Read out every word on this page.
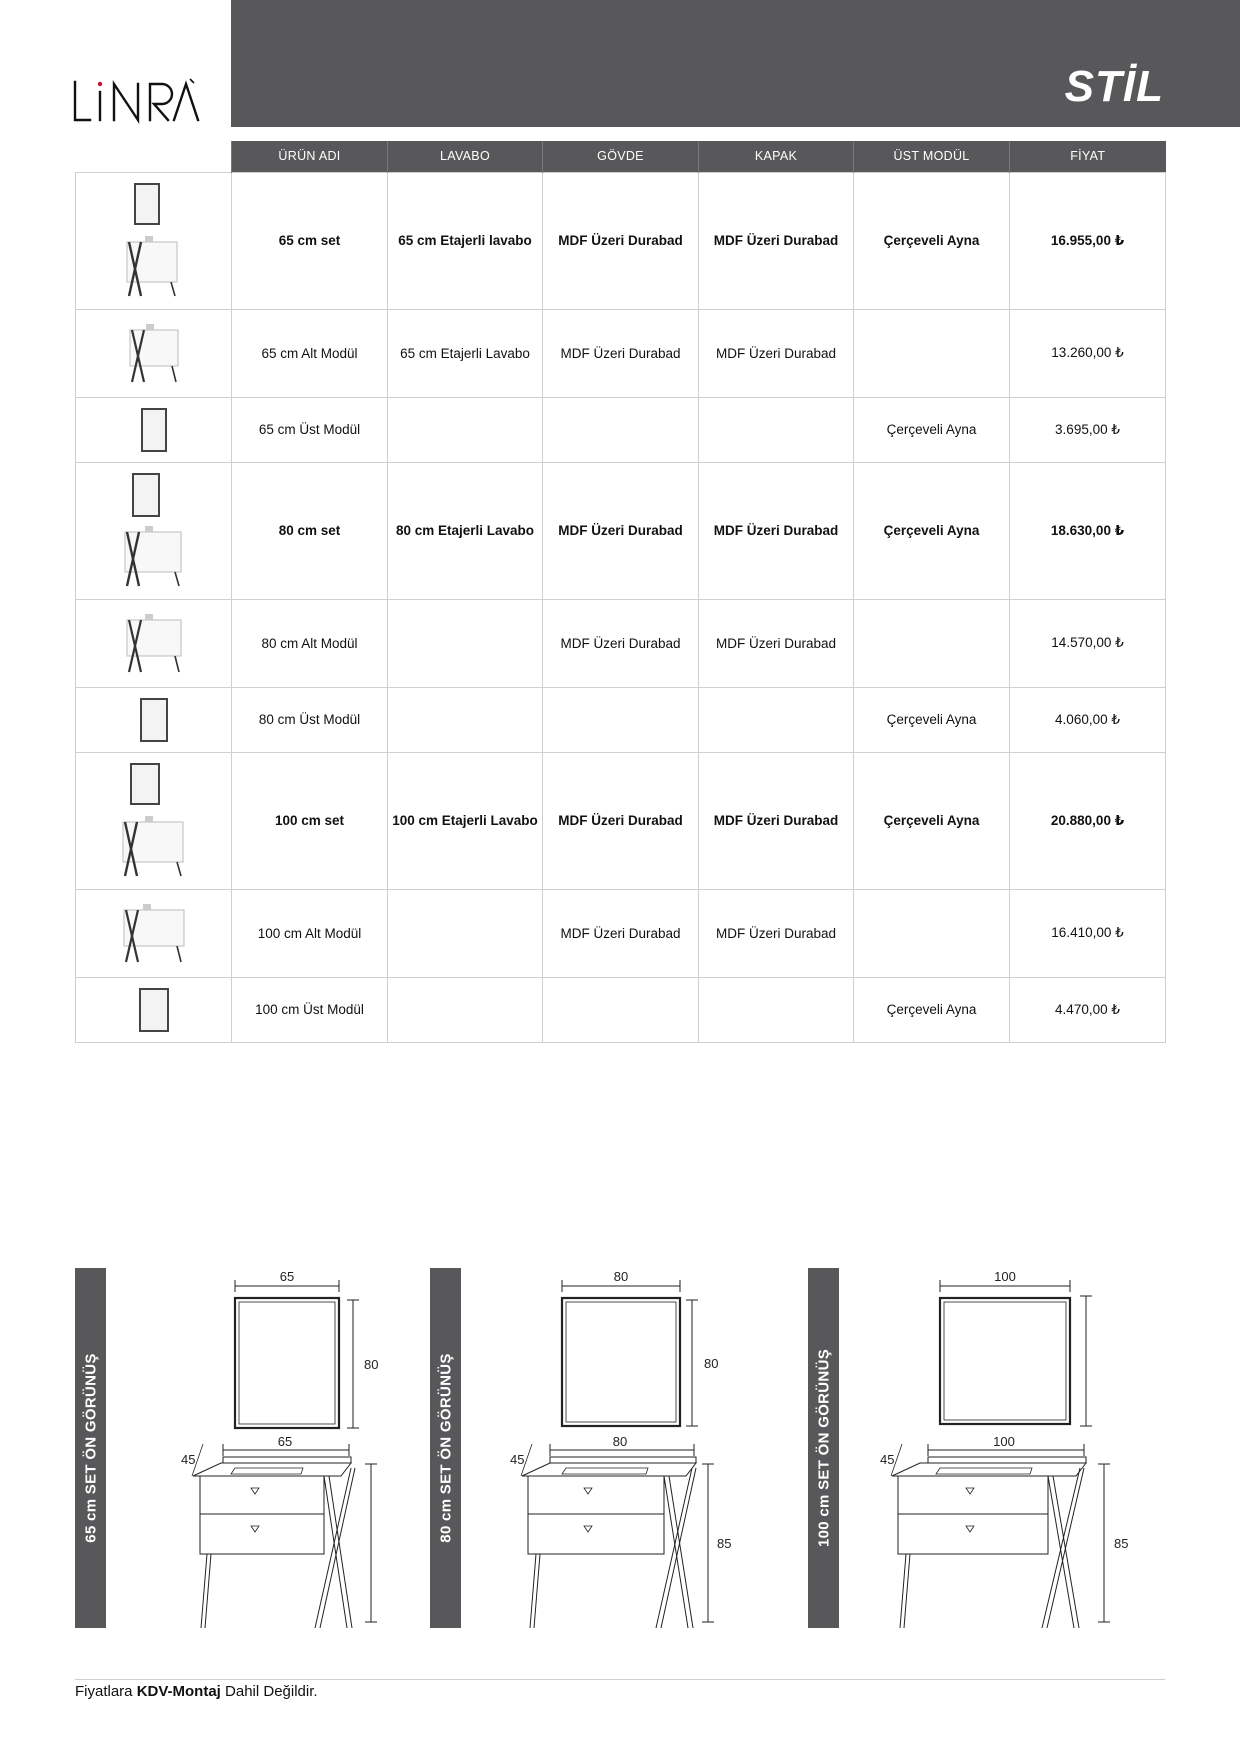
STİL
	ÜRÜN ADI	LAVABO	GÖVDE	KAPAK	ÜST MODÜL	FİYAT

	65 cm set	65 cm Etajerli lavabo	MDF Üzeri Durabad	MDF Üzeri Durabad	Çerçeveli Ayna	16.955,00 ₺

	65 cm Alt Modül	65 cm Etajerli Lavabo	MDF Üzeri Durabad	MDF Üzeri Durabad		13.260,00 ₺

	65 cm Üst Modül				Çerçeveli Ayna	3.695,00 ₺

	80 cm set	80 cm Etajerli Lavabo	MDF Üzeri Durabad	MDF Üzeri Durabad	Çerçeveli Ayna	18.630,00 ₺

	80 cm Alt Modül		MDF Üzeri Durabad	MDF Üzeri Durabad		14.570,00 ₺

	80 cm Üst Modül				Çerçeveli Ayna	4.060,00 ₺

	100 cm set	100 cm Etajerli Lavabo	MDF Üzeri Durabad	MDF Üzeri Durabad	Çerçeveli Ayna	20.880,00 ₺

	100 cm Alt Modül		MDF Üzeri Durabad	MDF Üzeri Durabad		16.410,00 ₺

	100 cm Üst Modül				Çerçeveli Ayna	4.470,00 ₺
65 cm SET ÖN GÖRÜNÜŞ
65
80
65
45	80 cm SET ÖN GÖRÜNÜŞ
80
80
80
45
85	100 cm SET ÖN GÖRÜNÜŞ
100
100
45
85
Fiyatlara KDV-Montaj Dahil Değildir.
